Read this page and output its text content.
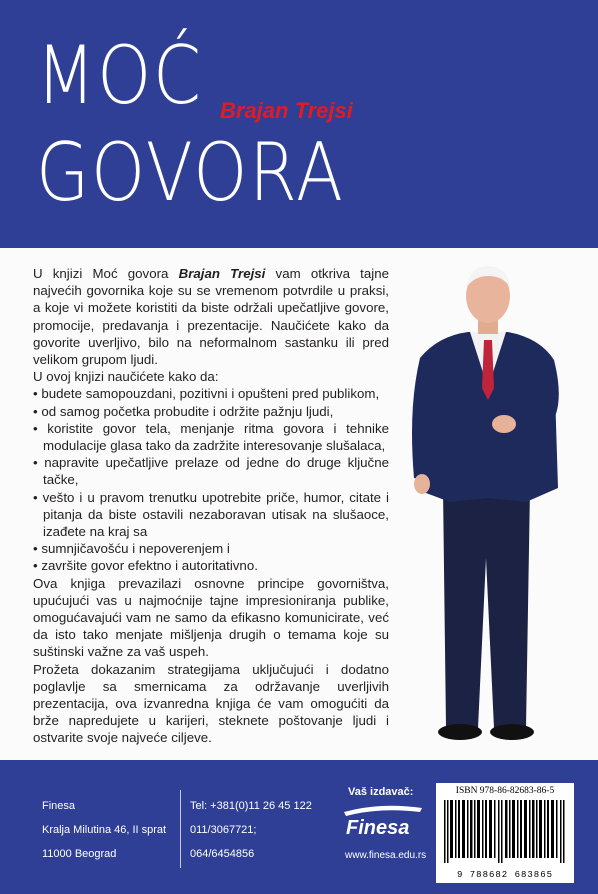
MOĆ Brajan Trejsi
GOVORA

U knjizi Moć govora Brajan Trejsi vam otkriva tajne najvećih govornika koje su se vremenom potvrdile u praksi, a koje vi možete koristiti da biste održali upečatljive govore, promocije, predavanja i prezentacije. Naučićete kako da govorite uverljivo, bilo na neformalnom sastanku ili pred velikom grupom ljudi.

U ovoj knjizi naučićete kako da:

• budete samopouzdani, pozitivni i opušteni pred publikom,

• od samog početka probudite i održite pažnju ljudi,

• koristite govor tela, menjanje ritma govora i tehnike modulacije glasa tako da zadržite interesovanje slušalaca,

• napravite upečatljive prelaze od jedne do druge ključne tačke,

• vešto i u pravom trenutku upotrebite priče, humor, citate i pitanja da biste ostavili nezaboravan utisak na slušaoce, izađete na kraj sa

• sumnjičavošću i nepoverenjem i

• završite govor efektno i autoritativno.

Ova knjiga prevazilazi osnovne principe govorništva, upućujući vas u najmoćnije tajne impresioniranja publike, omogućavajući vam ne samo da efikasno komunicirate, već da isto tako menjate mišljenja drugih o temama koje su suštinski važne za vaš uspeh.

Prožeta dokazanim strategijama uključujući i dodatno poglavlje sa smernicama za održavanje uverljivih prezentacija, ova izvanredna knjiga će vam omogućiti da brže napredujete u karijeri, steknete poštovanje ljudi i ostvarite svoje najveće ciljeve.

Finesa
Kralja Milutina 46, II sprat
11000 Beograd
Tel: +381(0)11 26 45 122
011/3067721;
064/6454856
Vaš izdavač:
Finesa
www.finesa.edu.rs
ISBN 978-86-82683-86-5
9 788682 683865
